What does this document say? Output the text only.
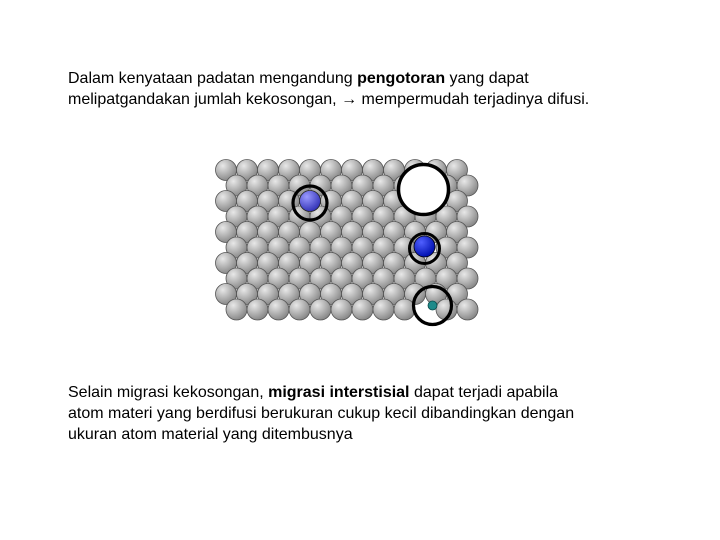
Dalam kenyataan padatan mengandung pengotoran yang dapat
melipatgandakan jumlah kekosongan, → mempermudah terjadinya difusi.

Selain migrasi kekosongan, migrasi interstisial dapat terjadi apabila
atom materi yang berdifusi berukuran cukup kecil dibandingkan dengan
ukuran atom material yang ditembusnya
